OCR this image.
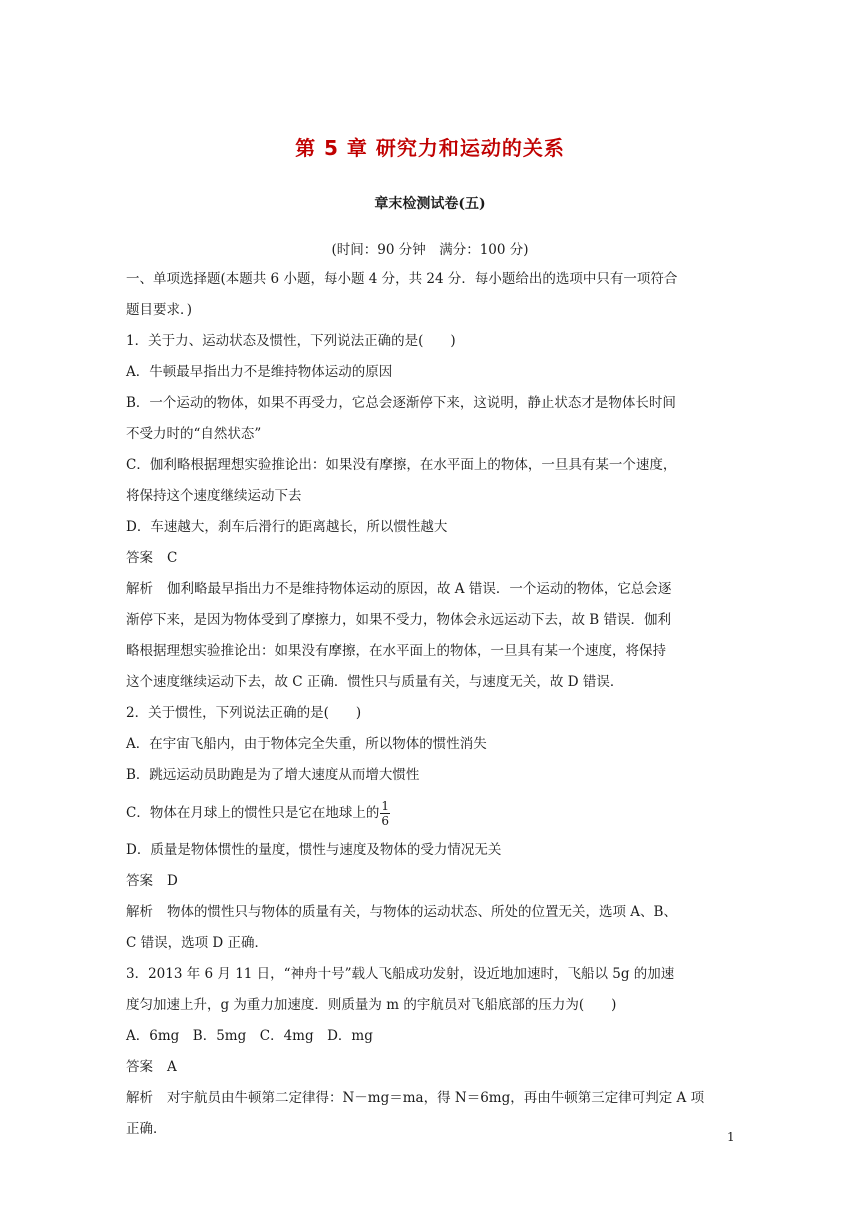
第 5 章 研究力和运动的关系
章末检测试卷(五)
(时间：90 分钟　满分：100 分)

一、单项选择题(本题共 6 小题，每小题 4 分，共 24 分．每小题给出的选项中只有一项符合

题目要求．)

1．关于力、运动状态及惯性，下列说法正确的是(　　)

A．牛顿最早指出力不是维持物体运动的原因

B．一个运动的物体，如果不再受力，它总会逐渐停下来，这说明，静止状态才是物体长时间

不受力时的“自然状态”

C．伽利略根据理想实验推论出：如果没有摩擦，在水平面上的物体，一旦具有某一个速度，

将保持这个速度继续运动下去

D．车速越大，刹车后滑行的距离越长，所以惯性越大

答案 C

解析 伽利略最早指出力不是维持物体运动的原因，故 A 错误．一个运动的物体，它总会逐

渐停下来，是因为物体受到了摩擦力，如果不受力，物体会永远运动下去，故 B 错误．伽利

略根据理想实验推论出：如果没有摩擦，在水平面上的物体，一旦具有某一个速度，将保持

这个速度继续运动下去，故 C 正确．惯性只与质量有关，与速度无关，故 D 错误．

2．关于惯性，下列说法正确的是(　　)

A．在宇宙飞船内，由于物体完全失重，所以物体的惯性消失

B．跳远运动员助跑是为了增大速度从而增大惯性

C．物体在月球上的惯性只是它在地球上的 $\frac{1}{6}$

D．质量是物体惯性的量度，惯性与速度及物体的受力情况无关

答案 D

解析 物体的惯性只与物体的质量有关，与物体的运动状态、所处的位置无关，选项 A、B、

C 错误，选项 D 正确．

3．2013 年 6 月 11 日，“神舟十号”载人飞船成功发射，设近地加速时，飞船以 5g 的加速

度匀加速上升，g 为重力加速度．则质量为 m 的宇航员对飞船底部的压力为(　　)

A．6mg　B．5mg　C．4mg　D．mg

答案 A

解析 对宇航员由牛顿第二定律得：N－mg＝ma，得 N＝6mg，再由牛顿第三定律可判定 A 项

正确．	1
